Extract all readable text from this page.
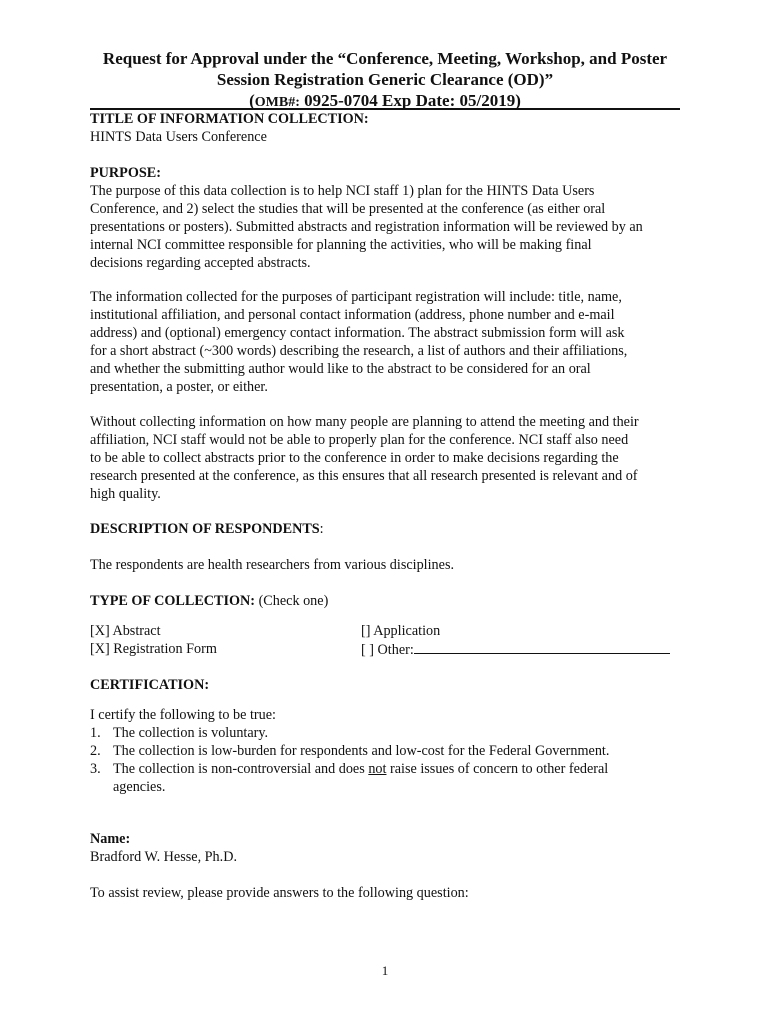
Request for Approval under the “Conference, Meeting, Workshop, and Poster
Session Registration Generic Clearance (OD)”
(OMB#: 0925-0704 Exp Date: 05/2019)
TITLE OF INFORMATION COLLECTION:
HINTS Data Users Conference
PURPOSE:
The purpose of this data collection is to help NCI staff 1) plan for the HINTS Data Users
Conference, and 2) select the studies that will be presented at the conference (as either oral
presentations or posters). Submitted abstracts and registration information will be reviewed by an
internal NCI committee responsible for planning the activities, who will be making final
decisions regarding accepted abstracts.
The information collected for the purposes of participant registration will include: title, name,
institutional affiliation, and personal contact information (address, phone number and e-mail
address) and (optional) emergency contact information. The abstract submission form will ask
for a short abstract (~300 words) describing the research, a list of authors and their affiliations,
and whether the submitting author would like to the abstract to be considered for an oral
presentation, a poster, or either.
Without collecting information on how many people are planning to attend the meeting and their
affiliation, NCI staff would not be able to properly plan for the conference. NCI staff also need
to be able to collect abstracts prior to the conference in order to make decisions regarding the
research presented at the conference, as this ensures that all research presented is relevant and of
high quality.
DESCRIPTION OF RESPONDENTS:
The respondents are health researchers from various disciplines.
TYPE OF COLLECTION: (Check one)
[X] Abstract
[X] Registration Form
[] Application
[ ] Other:
CERTIFICATION:
I certify the following to be true:
1. The collection is voluntary.
2. The collection is low-burden for respondents and low-cost for the Federal Government.
3. The collection is non-controversial and does not raise issues of concern to other federal
agencies.
Name:
Bradford W. Hesse, Ph.D.
To assist review, please provide answers to the following question:
1
